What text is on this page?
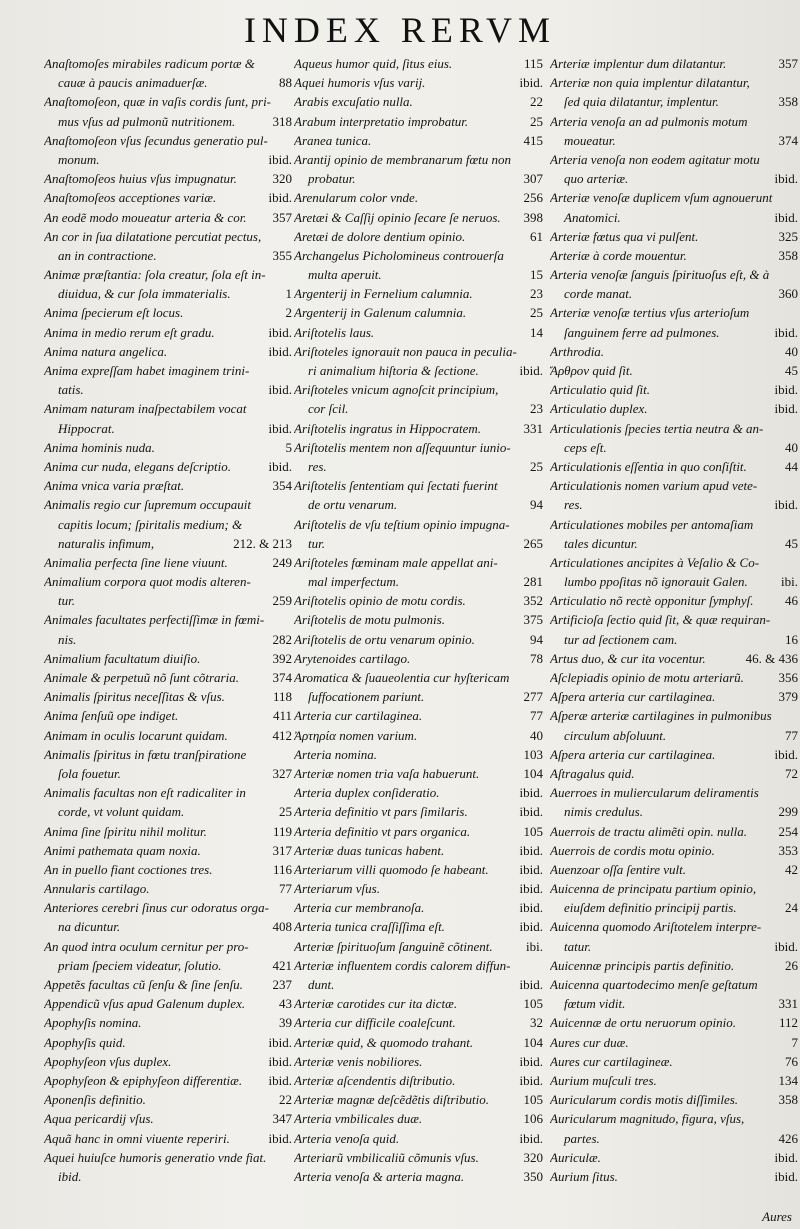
INDEX RERVM
Anaſtomoſes mirabiles radicum portæ &
cauæ à paucis animaduerſæ.	88
Anaſtomoſeon, quæ in vaſis cordis ſunt, pri-
mus vſus ad pulmonũ nutritionem.	318
Anaſtomoſeon vſus ſecundus generatio pul-
monum.	ibid.
Anaſtomoſeos huius vſus impugnatur.	320
Anaſtomoſeos acceptiones variæ.	ibid.
An eodẽ modo moueatur arteria & cor.	357
An cor in ſua dilatatione percutiat pectus,
an in contractione.	355
Animæ præſtantia: ſola creatur, ſola eſt in-
diuidua, & cur ſola immaterialis.	1
Anima ſpecierum eſt locus.	2
Anima in medio rerum eſt gradu.	ibid.
Anima natura angelica.	ibid.
Anima expreſſam habet imaginem trini-
tatis.	ibid.
Animam naturam inaſpectabilem vocat
Hippocrat.	ibid.
Anima hominis nuda.	5
Anima cur nuda, elegans deſcriptio.	ibid.
Anima vnica varia præſtat.	354
Animalis regio cur ſupremum occupauit
capitis locum; ſpiritalis medium; &
naturalis infimum,	212. & 213
Animalia perfecta ſine liene viuunt.	249
Animalium corpora quot modis alteren-
tur.	259
Animales facultates perfectiſſimæ in fœmi-
nis.	282
Animalium facultatum diuiſio.	392
Animale & perpetuũ nõ ſunt cõtraria.	374
Animalis ſpiritus neceſſitas & vſus.	118
Anima ſenſuũ ope indiget.	411
Animam in oculis locarunt quidam.	412
Animalis ſpiritus in fœtu tranſpiratione
ſola fouetur.	327
Animalis facultas non eſt radicaliter in
corde, vt volunt quidam.	25
Anima ſine ſpiritu nihil molitur.	119
Animi pathemata quam noxia.	317
An in puello fiant coctiones tres.	116
Annularis cartilago.	77
Anteriores cerebri ſinus cur odoratus orga-
na dicuntur.	408
An quod intra oculum cernitur per pro-
priam ſpeciem videatur, ſolutio.	421
Appetẽs facultas cũ ſenſu & ſine ſenſu.	237
Appendicũ vſus apud Galenum duplex.	43
Apophyſis nomina.	39
Apophyſis quid.	ibid.
Apophyſeon vſus duplex.	ibid.
Apophyſeon & epiphyſeon differentiæ.	ibid.
Aponenſis definitio.	22
Aqua pericardij vſus.	347
Aquã hanc in omni viuente reperiri.	ibid.
Aquei huiuſce humoris generatio vnde fiat.
ibid.
Aqueus humor quid, ſitus eius.	115
Aquei humoris vſus varij.	ibid.
Arabis excuſatio nulla.	22
Arabum interpretatio improbatur.	25
Aranea tunica.	415
Arantij opinio de membranarum fœtu non
probatur.	307
Arenularum color vnde.	256
Aretæi & Caſſij opinio ſecare ſe neruos.	398
Aretæi de dolore dentium opinio.	61
Archangelus Picholomineus controuerſa
multa aperuit.	15
Argenterij in Fernelium calumnia.	23
Argenterij in Galenum calumnia.	25
Ariſtotelis laus.	14
Ariſtoteles ignorauit non pauca in peculia-
ri animalium hiſtoria & ſectione.	ibid.
Ariſtoteles vnicum agnoſcit principium,
cor ſcil.	23
Ariſtotelis ingratus in Hippocratem.	331
Ariſtotelis mentem non aſſequuntur iunio-
res.	25
Ariſtotelis ſententiam qui ſectati fuerint
de ortu venarum.	94
Ariſtotelis de vſu teſtium opinio impugna-
tur.	265
Ariſtoteles fœminam male appellat ani-
mal imperfectum.	281
Ariſtotelis opinio de motu cordis.	352
Ariſtotelis de motu pulmonis.	375
Ariſtotelis de ortu venarum opinio.	94
Arytenoides cartilago.	78
Aromatica & ſuaueolentia cur hyſtericam
ſuffocationem pariunt.	277
Arteria cur cartilaginea.	77
Ἀρτηρία nomen varium.	40
Arteria nomina.	103
Arteriæ nomen tria vaſa habuerunt.	104
Arteria duplex conſideratio.	ibid.
Arteria definitio vt pars ſimilaris.	ibid.
Arteria definitio vt pars organica.	105
Arteriæ duas tunicas habent.	ibid.
Arteriarum villi quomodo ſe habeant.	ibid.
Arteriarum vſus.	ibid.
Arteria cur membranoſa.	ibid.
Arteria tunica craſſiſſima eſt.	ibid.
Arteriæ ſpirituoſum ſanguinẽ cõtinent.	ibi.
Arteriæ influentem cordis calorem diffun-
dunt.	ibid.
Arteriæ carotides cur ita dictæ.	105
Arteria cur difficile coaleſcunt.	32
Arteriæ quid, & quomodo trahant.	104
Arteriæ venis nobiliores.	ibid.
Arteriæ aſcendentis diſtributio.	ibid.
Arteriæ magnæ deſcẽdẽtis diſtributio.	105
Arteria vmbilicales duæ.	106
Arteria venoſa quid.	ibid.
Arteriarũ vmbilicaliũ cõmunis vſus.	320
Arteria venoſa & arteria magna.	350
Arteriæ implentur dum dilatantur.	357
Arteriæ non quia implentur dilatantur,
ſed quia dilatantur, implentur.	358
Arteria venoſa an ad pulmonis motum
moueatur.	374
Arteria venoſa non eodem agitatur motu
quo arteriæ.	ibid.
Arteriæ venoſæ duplicem vſum agnouerunt
Anatomici.	ibid.
Arteriæ fœtus qua vi pulſent.	325
Arteriæ à corde mouentur.	358
Arteria venoſæ ſanguis ſpirituoſus eſt, & à
corde manat.	360
Arteriæ venoſæ tertius vſus arterioſum
ſanguinem ferre ad pulmones.	ibid.
Arthrodia.	40
Ἄρθρον quid ſit.	45
Articulatio quid ſit.	ibid.
Articulatio duplex.	ibid.
Articulationis ſpecies tertia neutra & an-
ceps eſt.	40
Articulationis eſſentia in quo conſiſtit.	44
Articulationis nomen varium apud vete-
res.	ibid.
Articulationes mobiles per antomaſiam
tales dicuntur.	45
Articulationes ancipites à Veſalio & Co-
lumbo ppoſitas nõ ignorauit Galen.	ibi.
Articulatio nõ rectè opponitur ſymphyſ.	46
Artificioſa ſectio quid ſit, & quæ requiran-
tur ad ſectionem cam.	16
Artus duo, & cur ita vocentur.	46. & 436
Aſclepiadis opinio de motu arteriarũ.	356
Aſpera arteria cur cartilaginea.	379
Aſperæ arteriæ cartilagines in pulmonibus
circulum abſoluunt.	77
Aſpera arteria cur cartilaginea.	ibid.
Aſtragalus quid.	72
Auerroes in muliercularum deliramentis
nimis credulus.	299
Auerrois de tractu alimẽti opin. nulla.	254
Auerrois de cordis motu opinio.	353
Auenzoar oſſa ſentire vult.	42
Auicenna de principatu partium opinio,
eiuſdem definitio principij partis.	24
Auicenna quomodo Ariſtotelem interpre-
tatur.	ibid.
Auicennæ principis partis definitio.	26
Auicenna quartodecimo menſe geſtatum
fœtum vidit.	331
Auicennæ de ortu neruorum opinio.	112
Aures cur duæ.	7
Aures cur cartilagineæ.	76
Aurium muſculi tres.	134
Auricularum cordis motis diſſimiles.	358
Auricularum magnitudo, figura, vſus,
partes.	426
Auriculæ.	ibid.
Aurium ſitus.	ibid.
Aures
